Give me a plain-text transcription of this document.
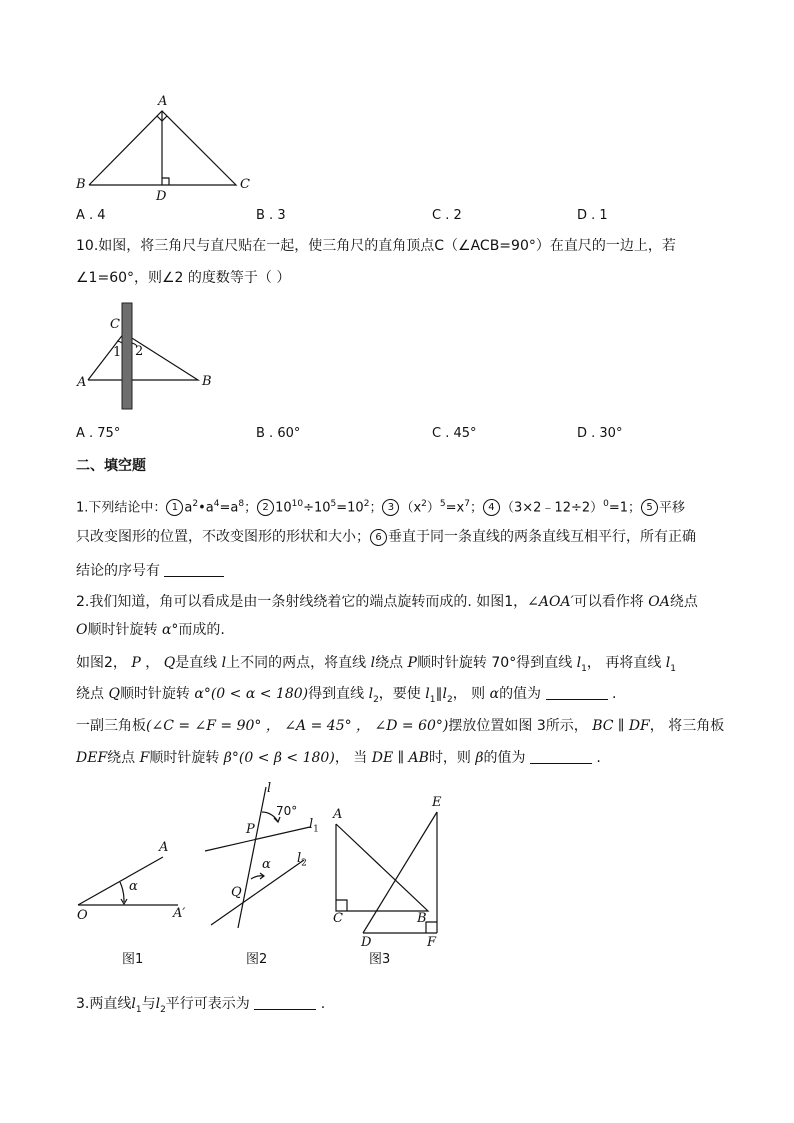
A
B	C
D
A . 4	B . 3	C . 2	D . 1
10.如图，将三角尺与直尺贴在一起，使三角尺的直角顶点C（∠ACB=90°）在直尺的一边上，若
∠1=60°，则∠2 的度数等于（ ）
C
1 2
A	B
A . 75°	B . 60°	C . 45°	D . 30°
二、填空题
1.下列结论中： 1 $a^2•a^4=a^8$； 2 $10^{10}\div 10^5=10^2$； 3 $(x^2)^5=x^7$； 4 （3×2﹣12÷2）$^0$=1； 5 平移
只改变图形的位置，不改变图形的形状和大小； 6 垂直于同一条直线的两条直线互相平行，所有正确
结论的序号有
2.我们知道，角可以看成是由一条射线绕着它的端点旋转而成的. 如图1，∠AOA′可以看作将 OA绕点
O顺时针旋转 α°而成的.
如图2， P ， Q是直线 l上不同的两点，将直线 l绕点 P顺时针旋转 70°得到直线 $l_1$， 再将直线 $l_1$
绕点 Q顺时针旋转 α°(0 < α < 180)得到直线 $l_2$，要使 $l_1\parallel l_2$， 则 α的值为	.
一副三角板(∠C = ∠F = 90° ， ∠A = 45° ， ∠D = 60°)摆放位置如图 3所示， BC ∥ DF， 将三角板
DEF绕点 F顺时针旋转 β°(0 < β < 180)， 当 DE ∥ AB时，则 β的值为	.
A
α
O	A′
图1
l
70°
$l_1$
P
$l_2$
α
Q
图2
E
A
C	B
D	F
图3
3.两直线$l_1$与$l_2$平行可表示为	.
